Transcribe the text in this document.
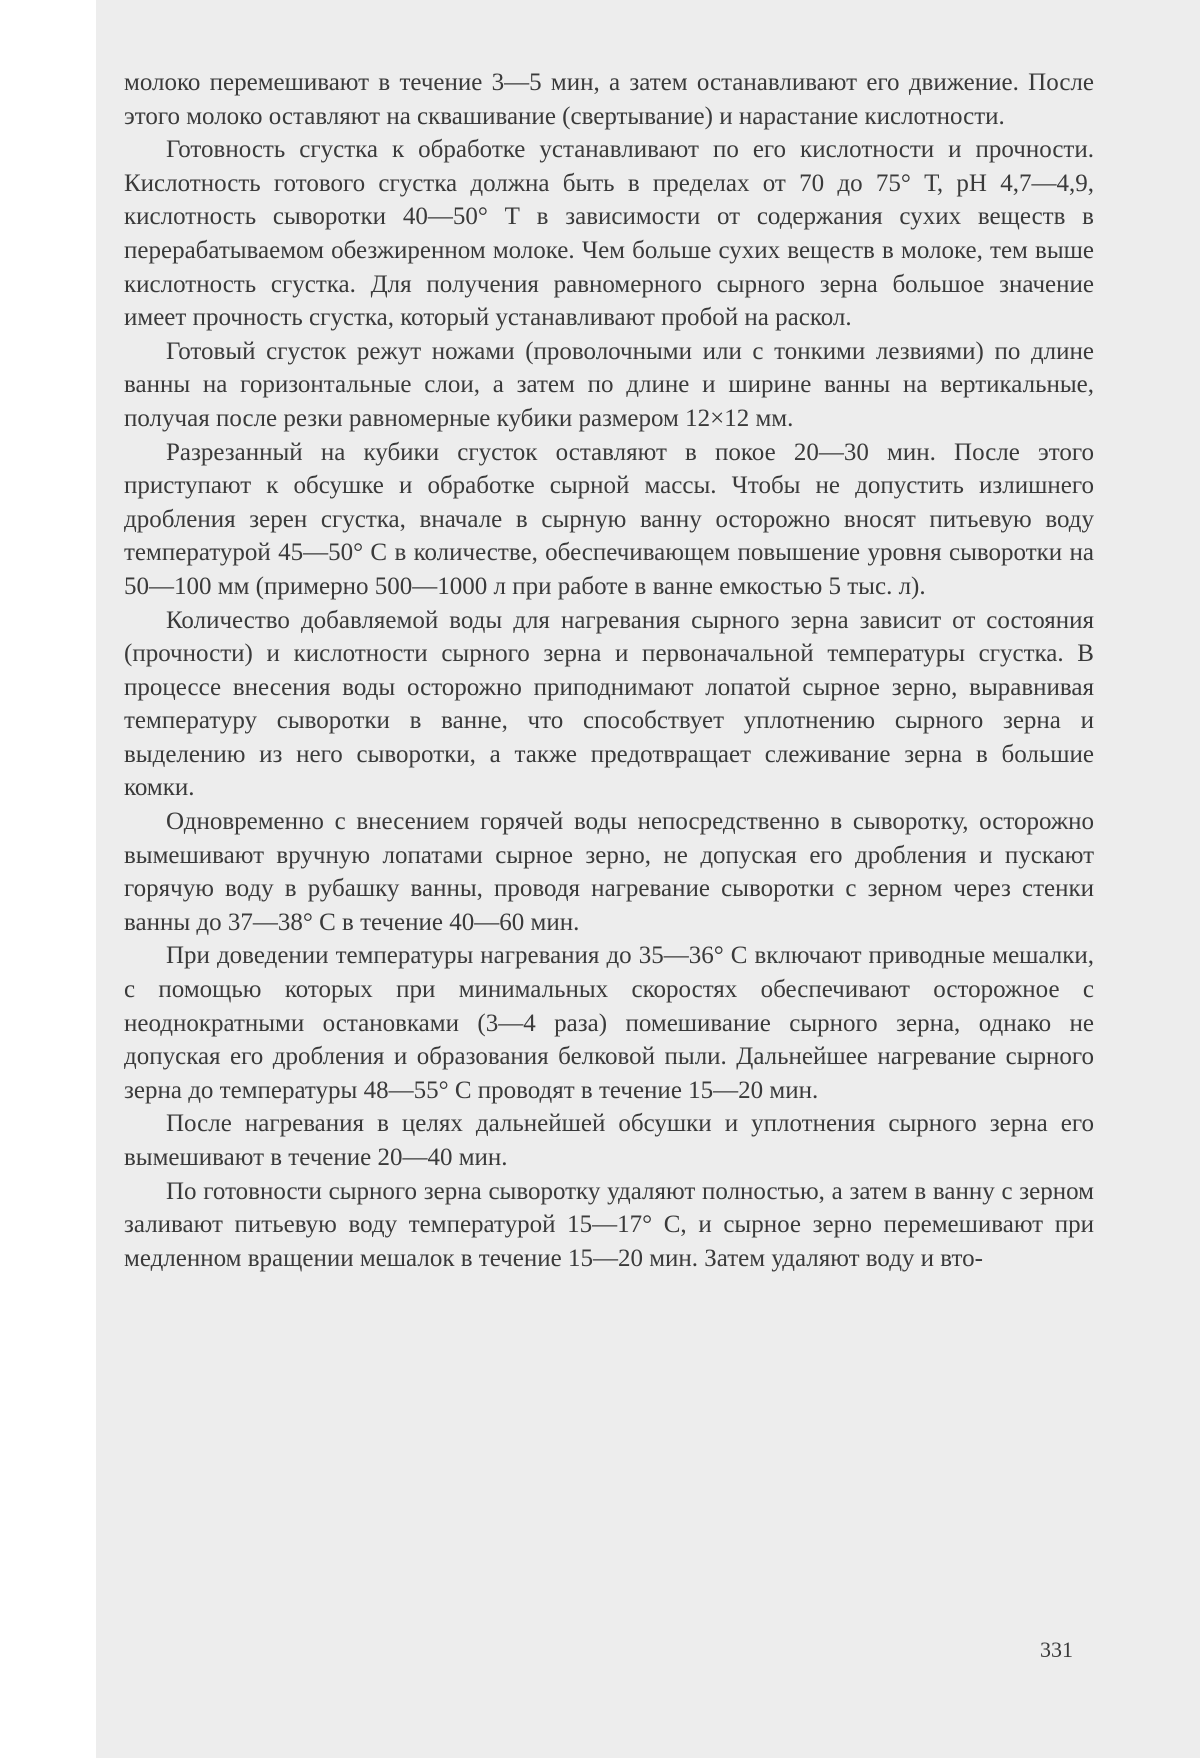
молоко перемешивают в течение 3—5 мин, а затем останавливают его движение. После этого молоко оставляют на сквашивание (свертывание) и нарастание кислотности.

Готовность сгустка к обработке устанавливают по его кислотности и прочности. Кислотность готового сгустка должна быть в пределах от 70 до 75° Т, pH 4,7—4,9, кислотность сыворотки 40—50° Т в зависимости от содержания сухих веществ в перерабатываемом обезжиренном молоке. Чем больше сухих веществ в молоке, тем выше кислотность сгустка. Для получения равномерного сырного зерна большое значение имеет прочность сгустка, который устанавливают пробой на раскол.

Готовый сгусток режут ножами (проволочными или с тонкими лезвиями) по длине ванны на горизонтальные слои, а затем по длине и ширине ванны на вертикальные, получая после резки равномерные кубики размером 12×12 мм.

Разрезанный на кубики сгусток оставляют в покое 20—30 мин. После этого приступают к обсушке и обработке сырной массы. Чтобы не допустить излишнего дробления зерен сгустка, вначале в сырную ванну осторожно вносят питьевую воду температурой 45—50° С в количестве, обеспечивающем повышение уровня сыворотки на 50—100 мм (примерно 500—1000 л при работе в ванне емкостью 5 тыс. л).

Количество добавляемой воды для нагревания сырного зерна зависит от состояния (прочности) и кислотности сырного зерна и первоначальной температуры сгустка. В процессе внесения воды осторожно приподнимают лопатой сырное зерно, выравнивая температуру сыворотки в ванне, что способствует уплотнению сырного зерна и выделению из него сыворотки, а также предотвращает слеживание зерна в большие комки.

Одновременно с внесением горячей воды непосредственно в сыворотку, осторожно вымешивают вручную лопатами сырное зерно, не допуская его дробления и пускают горячую воду в рубашку ванны, проводя нагревание сыворотки с зерном через стенки ванны до 37—38° С в течение 40—60 мин.

При доведении температуры нагревания до 35—36° С включают приводные мешалки, с помощью которых при минимальных скоростях обеспечивают осторожное с неоднократными остановками (3—4 раза) помешивание сырного зерна, однако не допуская его дробления и образования белковой пыли. Дальнейшее нагревание сырного зерна до температуры 48—55° С проводят в течение 15—20 мин.

После нагревания в целях дальнейшей обсушки и уплотнения сырного зерна его вымешивают в течение 20—40 мин.

По готовности сырного зерна сыворотку удаляют полностью, а затем в ванну с зерном заливают питьевую воду температурой 15—17° С, и сырное зерно перемешивают при медленном вращении мешалок в течение 15—20 мин. Затем удаляют воду и вто-

331
